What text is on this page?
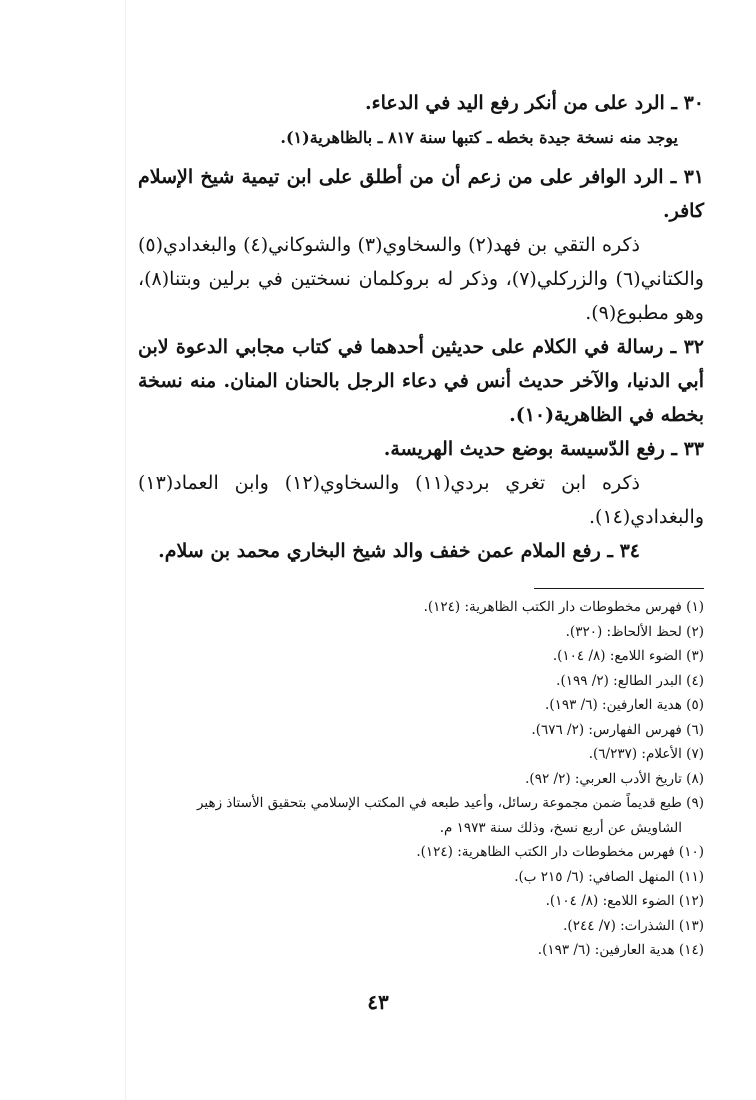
٣٠ ـ الرد على من أنكر رفع اليد في الدعاء.

يوجد منه نسخة جيدة بخطه ـ كتبها سنة ٨١٧ ـ بالظاهرية(١).

٣١ ـ الرد الوافر على من زعم أن من أطلق على ابن تيمية شيخ الإسلام كافر.

ذكره التقي بن فهد(٢) والسخاوي(٣) والشوكاني(٤) والبغدادي(٥) والكتاني(٦) والزركلي(٧)، وذكر له بروكلمان نسختين في برلين وبتنا(٨)، وهو مطبوع(٩).

٣٢ ـ رسالة في الكلام على حديثين أحدهما في كتاب مجابي الدعوة لابن أبي الدنيا، والآخر حديث أنس في دعاء الرجل بالحنان المنان. منه نسخة بخطه في الظاهرية(١٠).

٣٣ ـ رفع الدّسيسة بوضع حديث الهريسة.

ذكره ابن تغري بردي(١١) والسخاوي(١٢) وابن العماد(١٣) والبغدادي(١٤).

٣٤ ـ رفع الملام عمن خفف والد شيخ البخاري محمد بن سلام.

(١) فهرس مخطوطات دار الكتب الظاهرية: (١٢٤).
(٢) لحظ الألحاظ: (٣٢٠).
(٣) الضوء اللامع: (٨/ ١٠٤).
(٤) البدر الطالع: (٢/ ١٩٩).
(٥) هدية العارفين: (٦/ ١٩٣).
(٦) فهرس الفهارس: (٢/ ٦٧٦).
(٧) الأعلام: (٦/٢٣٧).
(٨) تاريخ الأدب العربي: (٢/ ٩٢).
(٩) طبع قديماً ضمن مجموعة رسائل، وأعيد طبعه في المكتب الإسلامي بتحقيق الأستاذ زهير
الشاويش عن أربع نسخ، وذلك سنة ١٩٧٣ م.
(١٠) فهرس مخطوطات دار الكتب الظاهرية: (١٢٤).
(١١) المنهل الصافي: (٦/ ٢١٥ ب).
(١٢) الضوء اللامع: (٨/ ١٠٤).
(١٣) الشذرات: (٧/ ٢٤٤).
(١٤) هدية العارفين: (٦/ ١٩٣).
٤٣
